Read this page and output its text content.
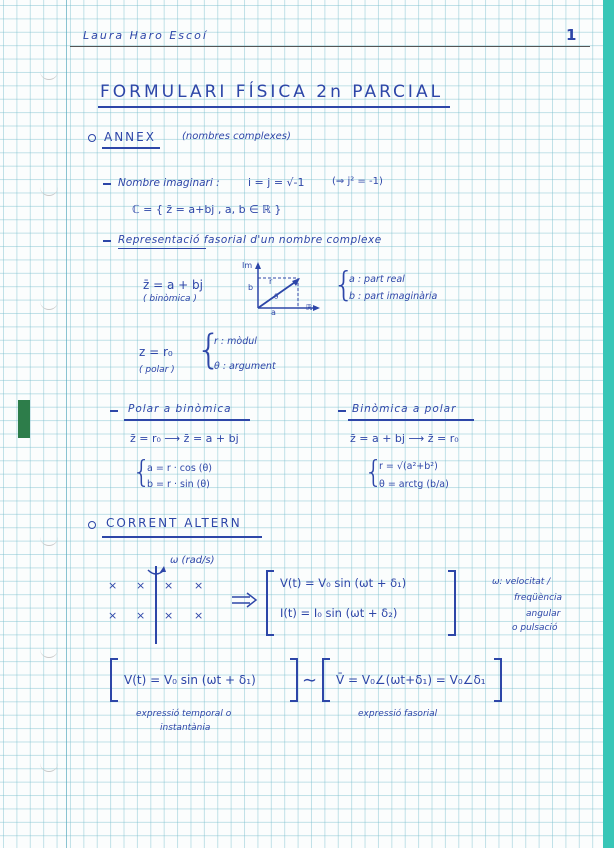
Laura Haro Escoí	1
FORMULARI FÍSICA 2n PARCIAL
ANNEX	(nombres complexes)
Nombre imaginari :	i = j = √-1	(⇒ j² = -1)
ℂ = { z̄ = a+bj , a, b ∈ ℝ }
Representació fasorial d'un nombre complexe
z̄ = a + bj
( binòmica )
Im
ℝ
r
b
a
θ {
a : part real
b : part imaginària
z = r₀
( polar ) {
r : mòdul
θ : argument
Polar a binòmica
z̄ = r₀ ⟶ z̄ = a + bj
{
a = r · cos (θ)
b = r · sin (θ)
Binòmica a polar
z̄ = a + bj ⟶ z̄ = r₀
{
r = √(a²+b²)
θ = arctg (b/a)
CORRENT ALTERN
ω (rad/s)
× × × ×
× × × ×
V(t) = V₀ sin (ωt + δ₁)
I(t) = I₀ sin (ωt + δ₂)
ω: velocitat /
freqüència
angular
o pulsació
V(t) = V₀ sin (ωt + δ₁)	∼ V̄ = V₀∠(ωt+δ₁) = V₀∠δ₁
expressió temporal o
instantània
expressió fasorial
